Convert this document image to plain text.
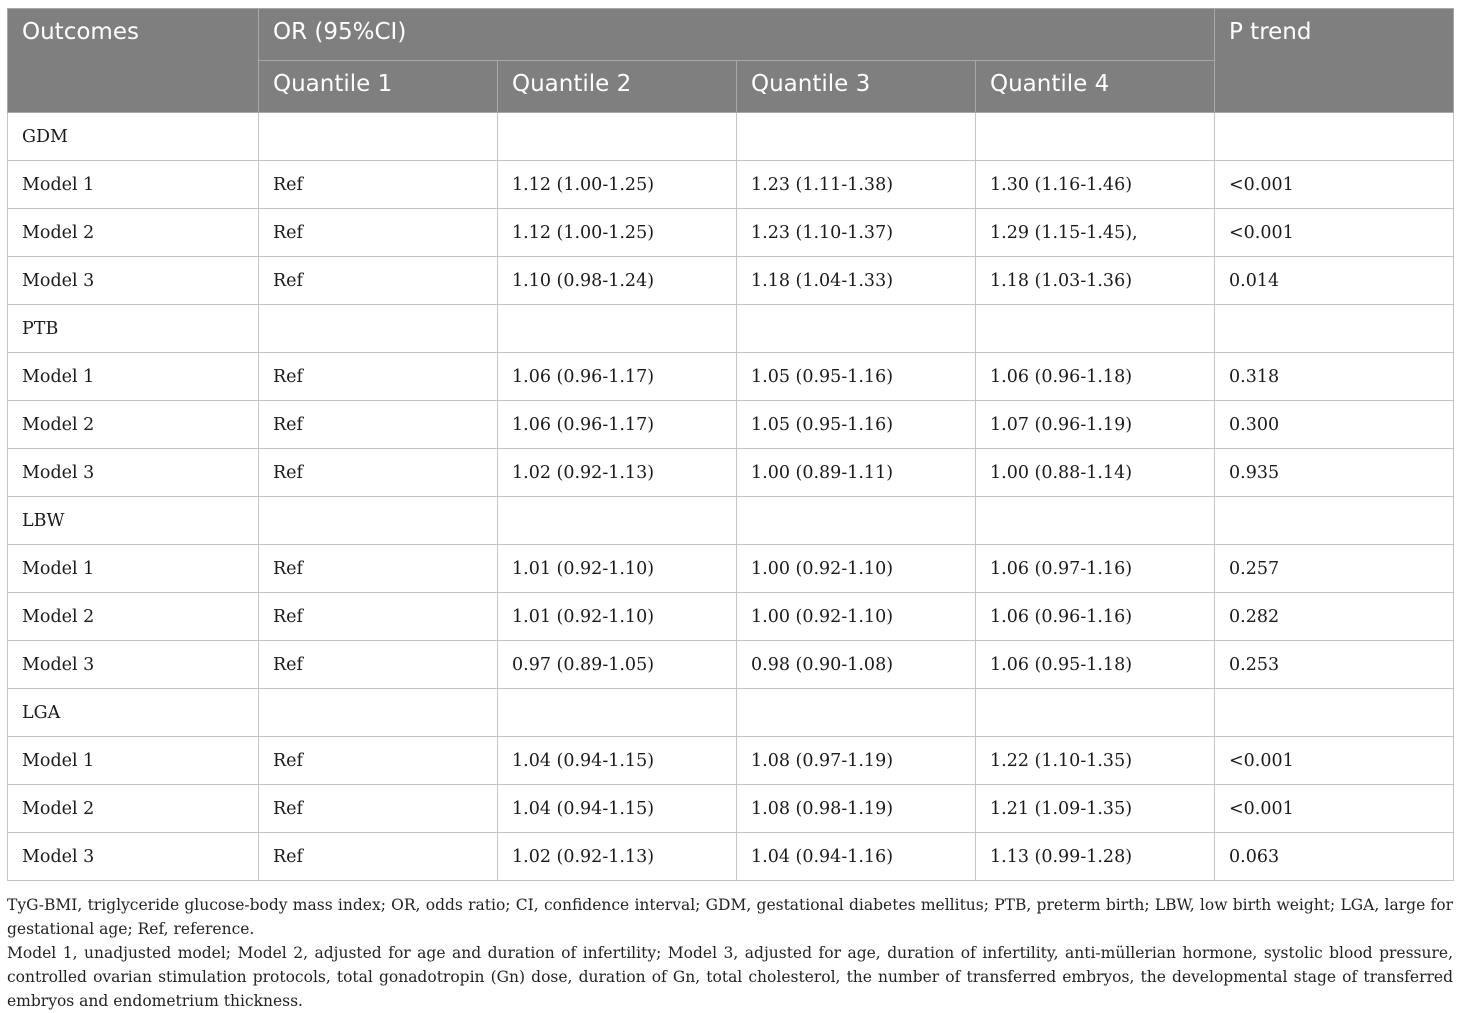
Outcomes	OR (95%CI)				P trend
	Quantile 1	Quantile 2	Quantile 3	Quantile 4	
GDM					
Model 1	Ref	1.12 (1.00-1.25)	1.23 (1.11-1.38)	1.30 (1.16-1.46)	<0.001
Model 2	Ref	1.12 (1.00-1.25)	1.23 (1.10-1.37)	1.29 (1.15-1.45),	<0.001
Model 3	Ref	1.10 (0.98-1.24)	1.18 (1.04-1.33)	1.18 (1.03-1.36)	0.014
PTB					
Model 1	Ref	1.06 (0.96-1.17)	1.05 (0.95-1.16)	1.06 (0.96-1.18)	0.318
Model 2	Ref	1.06 (0.96-1.17)	1.05 (0.95-1.16)	1.07 (0.96-1.19)	0.300
Model 3	Ref	1.02 (0.92-1.13)	1.00 (0.89-1.11)	1.00 (0.88-1.14)	0.935
LBW					
Model 1	Ref	1.01 (0.92-1.10)	1.00 (0.92-1.10)	1.06 (0.97-1.16)	0.257
Model 2	Ref	1.01 (0.92-1.10)	1.00 (0.92-1.10)	1.06 (0.96-1.16)	0.282
Model 3	Ref	0.97 (0.89-1.05)	0.98 (0.90-1.08)	1.06 (0.95-1.18)	0.253
LGA					
Model 1	Ref	1.04 (0.94-1.15)	1.08 (0.97-1.19)	1.22 (1.10-1.35)	<0.001
Model 2	Ref	1.04 (0.94-1.15)	1.08 (0.98-1.19)	1.21 (1.09-1.35)	<0.001
Model 3	Ref	1.02 (0.92-1.13)	1.04 (0.94-1.16)	1.13 (0.99-1.28)	0.063

TyG-BMI, triglyceride glucose-body mass index; OR, odds ratio; CI, confidence interval; GDM, gestational diabetes mellitus; PTB, preterm birth; LBW, low birth weight; LGA, large for gestational age; Ref, reference.

Model 1, unadjusted model; Model 2, adjusted for age and duration of infertility; Model 3, adjusted for age, duration of infertility, anti-müllerian hormone, systolic blood pressure, controlled ovarian stimulation protocols, total gonadotropin (Gn) dose, duration of Gn, total cholesterol, the number of transferred embryos, the developmental stage of transferred embryos and endometrium thickness.
